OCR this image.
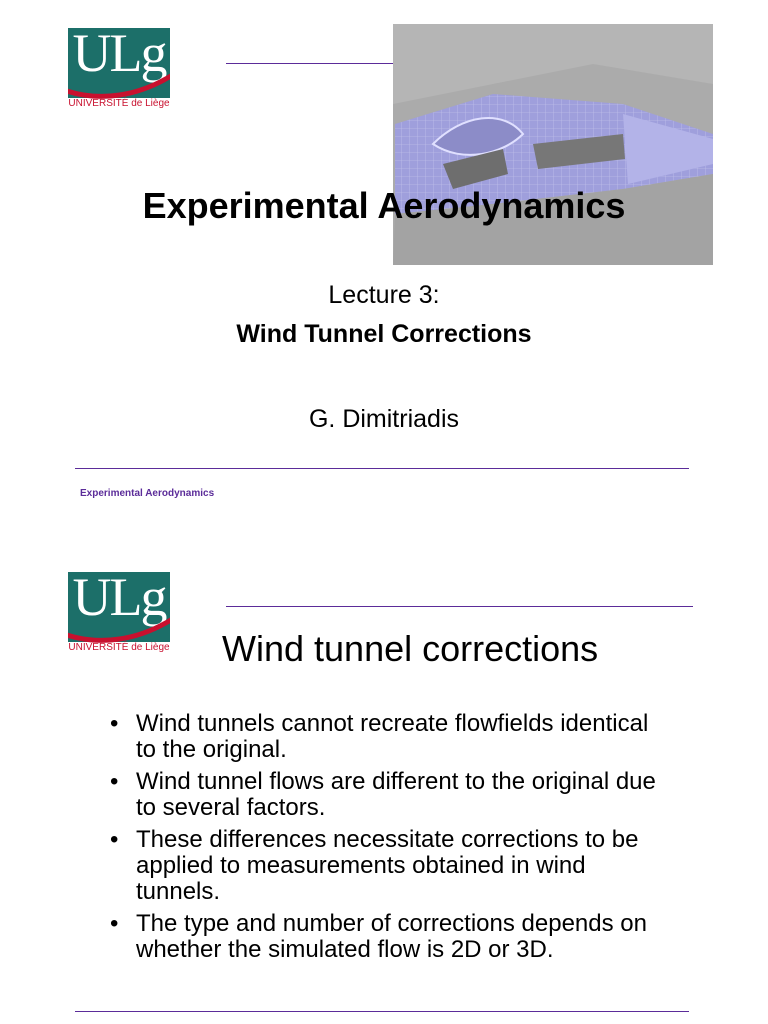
ULg
UNIVERSITÉ de Liège
Experimental Aerodynamics
Lecture 3:
Wind Tunnel Corrections
G. Dimitriadis
Experimental Aerodynamics
ULg
UNIVERSITÉ de Liège Wind tunnel corrections
• Wind tunnels cannot recreate flowfields identical to the original.
• Wind tunnel flows are different to the original due to several factors.
• These differences necessitate corrections to be applied to measurements obtained in wind tunnels.
• The type and number of corrections depends on whether the simulated flow is 2D or 3D.
